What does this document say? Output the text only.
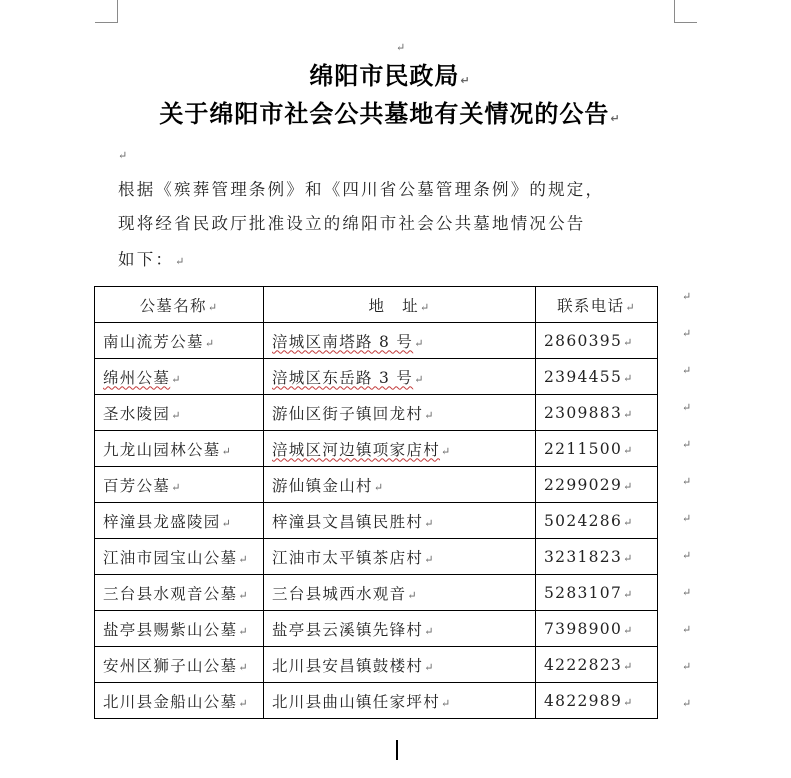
↵
绵阳市民政局↵
关于绵阳市社会公共墓地有关情况的公告↵
↵
根据《殡葬管理条例》和《四川省公墓管理条例》的规定，
现将经省民政厅批准设立的绵阳市社会公共墓地情况公告
如下：↵
公墓名称↵	地　址↵	联系电话↵
南山流芳公墓↵	涪城区南塔路 8 号↵	2860395↵
绵州公墓↵	涪城区东岳路 3 号↵	2394455↵
圣水陵园↵	游仙区街子镇回龙村↵	2309883↵
九龙山园林公墓↵	涪城区河边镇项家店村↵	2211500↵
百芳公墓↵	游仙镇金山村↵	2299029↵
梓潼县龙盛陵园↵	梓潼县文昌镇民胜村↵	5024286↵
江油市园宝山公墓↵	江油市太平镇茶店村↵	3231823↵
三台县水观音公墓↵	三台县城西水观音↵	5283107↵
盐亭县赐紫山公墓↵	盐亭县云溪镇先锋村↵	7398900↵
安州区狮子山公墓↵	北川县安昌镇鼓楼村↵	4222823↵
北川县金船山公墓↵	北川县曲山镇任家坪村↵	4822989↵
↵
↵
↵
↵
↵
↵
↵
↵
↵
↵
↵
↵
